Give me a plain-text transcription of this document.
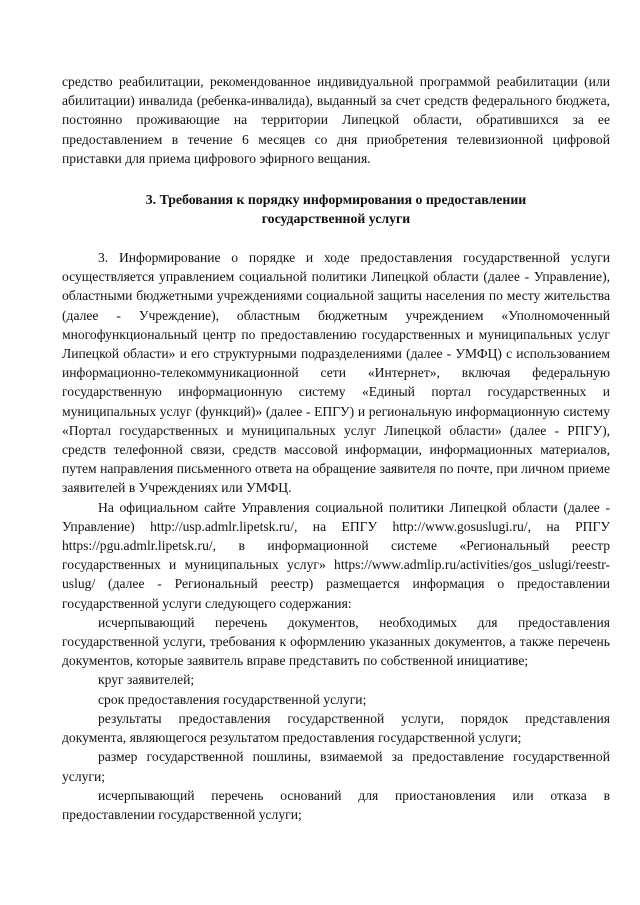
средство реабилитации, рекомендованное индивидуальной программой реабилитации (или абилитации) инвалида (ребенка-инвалида), выданный за счет средств федерального бюджета, постоянно проживающие на территории Липецкой области, обратившихся за ее предоставлением в течение 6 месяцев со дня приобретения телевизионной цифровой приставки для приема цифрового эфирного вещания.

3. Требования к порядку информирования о предоставлении
государственной услуги

3. Информирование о порядке и ходе предоставления государственной услуги осуществляется управлением социальной политики Липецкой области (далее - Управление), областными бюджетными учреждениями социальной защиты населения по месту жительства (далее - Учреждение), областным бюджетным учреждением «Уполномоченный многофункциональный центр по предоставлению государственных и муниципальных услуг Липецкой области» и его структурными подразделениями (далее - УМФЦ) с использованием информационно-телекоммуникационной сети «Интернет», включая федеральную государственную информационную систему «Единый портал государственных и муниципальных услуг (функций)» (далее - ЕПГУ) и региональную информационную систему «Портал государственных и муниципальных услуг Липецкой области» (далее - РПГУ), средств телефонной связи, средств массовой информации, информационных материалов, путем направления письменного ответа на обращение заявителя по почте, при личном приеме заявителей в Учреждениях или УМФЦ.

На официальном сайте Управления социальной политики Липецкой области (далее - Управление) http://usp.admlr.lipetsk.ru/, на ЕПГУ http://www.gosuslugi.ru/, на РПГУ https://pgu.admlr.lipetsk.ru/, в информационной системе «Региональный реестр государственных и муниципальных услуг» https://www.admlip.ru/activities/gos_uslugi/reestr-uslug/ (далее - Региональный реестр) размещается информация о предоставлении государственной услуги следующего содержания:

исчерпывающий перечень документов, необходимых для предоставления государственной услуги, требования к оформлению указанных документов, а также перечень документов, которые заявитель вправе представить по собственной инициативе;

круг заявителей;

срок предоставления государственной услуги;

результаты предоставления государственной услуги, порядок представления документа, являющегося результатом предоставления государственной услуги;

размер государственной пошлины, взимаемой за предоставление государственной услуги;

исчерпывающий перечень оснований для приостановления или отказа в предоставлении государственной услуги;
